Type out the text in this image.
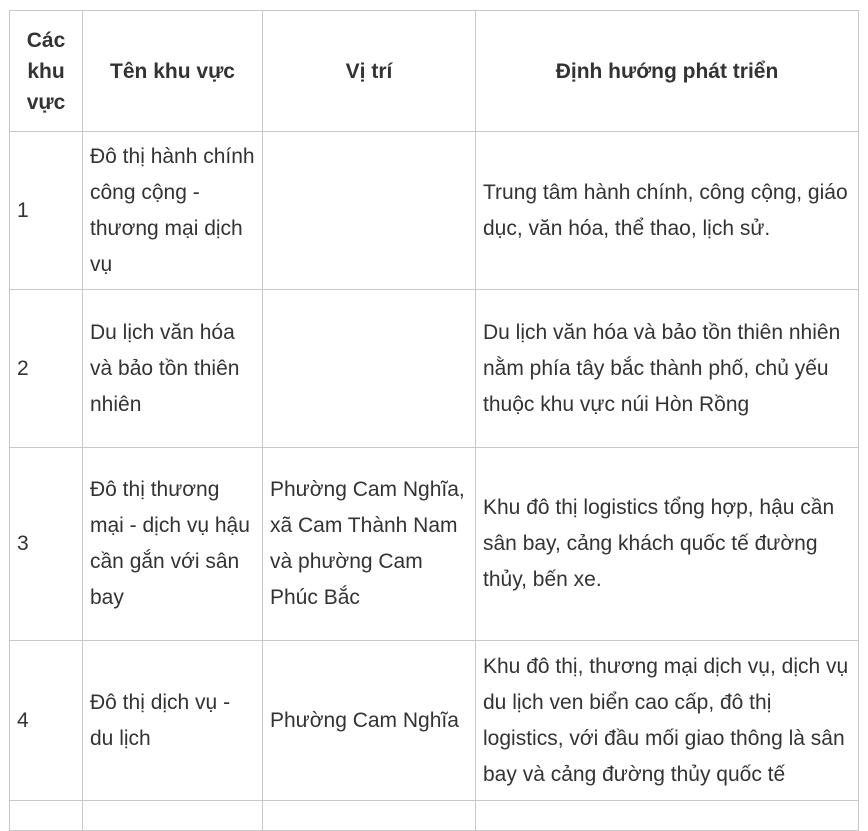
Các khu vực	Tên khu vực	Vị trí	Định hướng phát triển
1	Đô thị hành chính công cộng - thương mại dịch vụ		Trung tâm hành chính, công cộng, giáo dục, văn hóa, thể thao, lịch sử.
2	Du lịch văn hóa và bảo tồn thiên nhiên		Du lịch văn hóa và bảo tồn thiên nhiên nằm phía tây bắc thành phố, chủ yếu thuộc khu vực núi Hòn Rồng
3	Đô thị thương mại - dịch vụ hậu cần gắn với sân bay	Phường Cam Nghĩa, xã Cam Thành Nam và phường Cam Phúc Bắc	Khu đô thị logistics tổng hợp, hậu cần sân bay, cảng khách quốc tế đường thủy, bến xe.
4	Đô thị dịch vụ - du lịch	Phường Cam Nghĩa	Khu đô thị, thương mại dịch vụ, dịch vụ du lịch ven biển cao cấp, đô thị logistics, với đầu mối giao thông là sân bay và cảng đường thủy quốc tế
